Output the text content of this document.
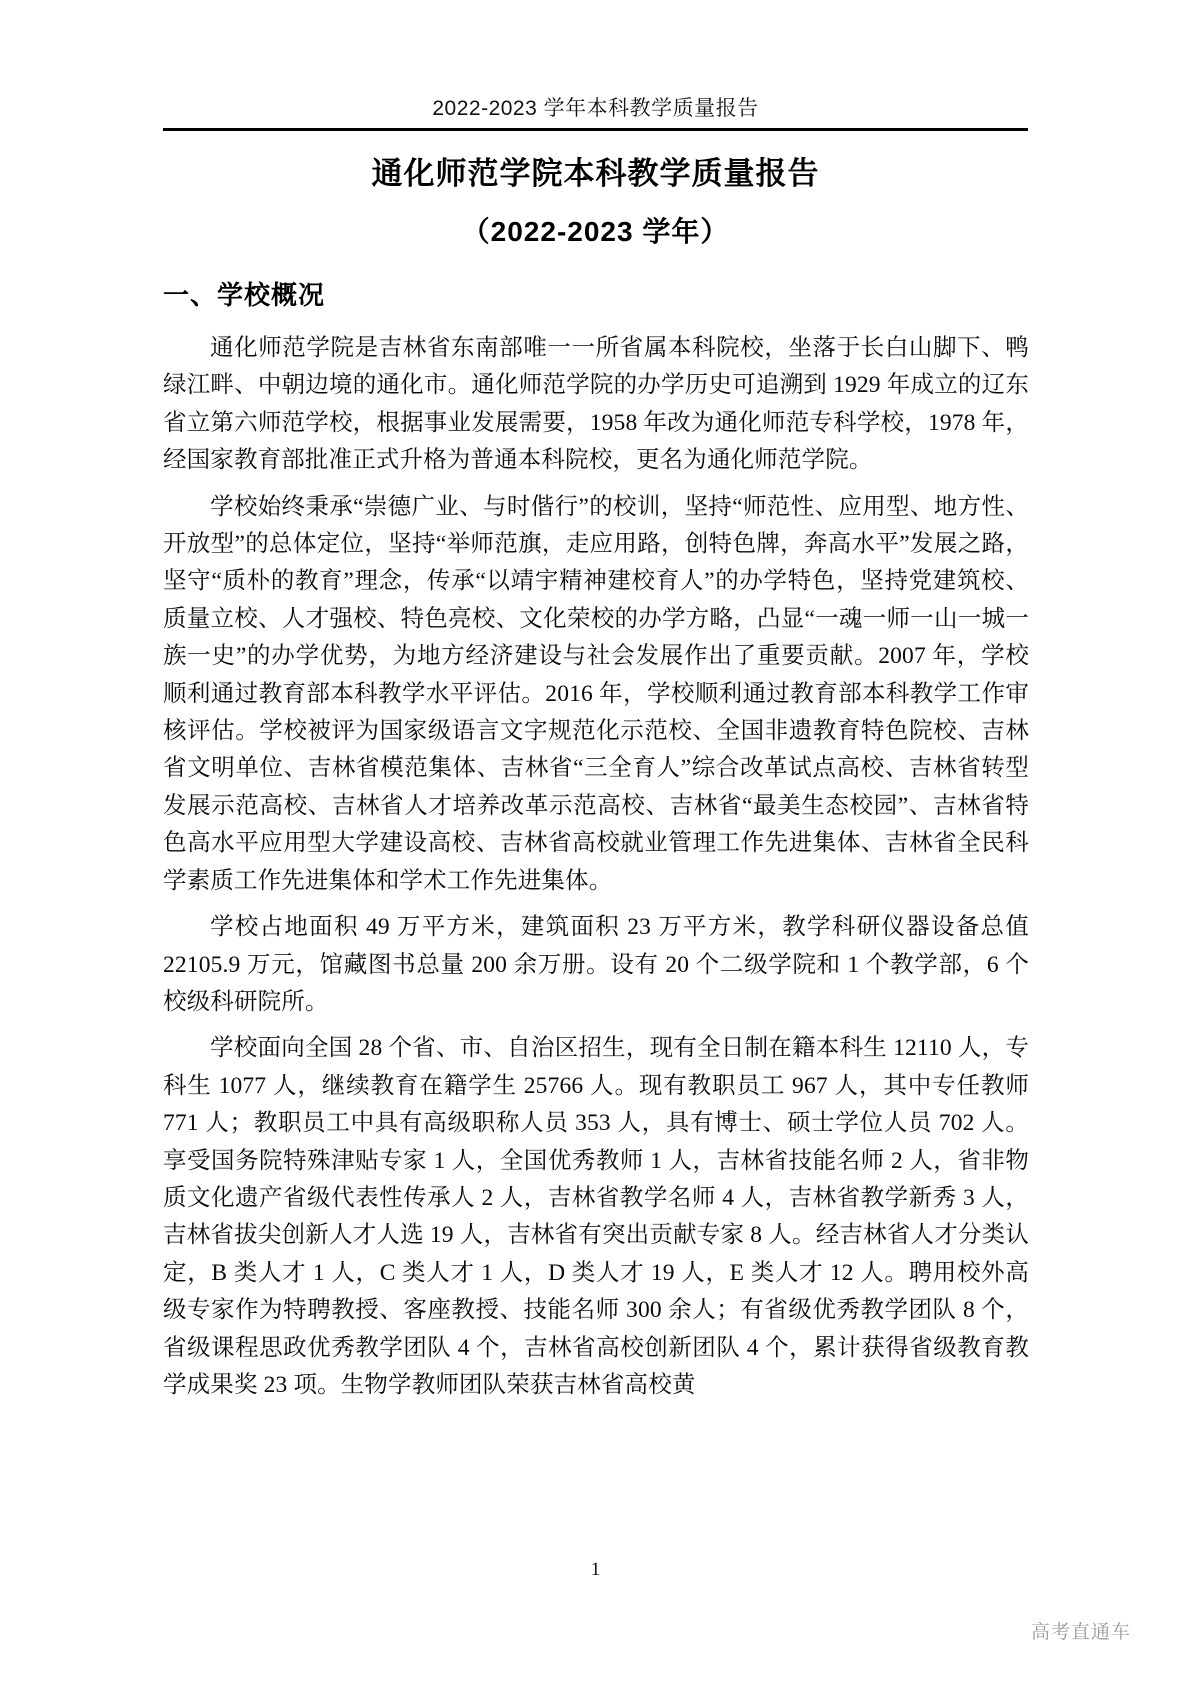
2022-2023 学年本科教学质量报告
通化师范学院本科教学质量报告
（2022-2023 学年）
一、学校概况

通化师范学院是吉林省东南部唯一一所省属本科院校，坐落于长白山脚下、鸭绿江畔、中朝边境的通化市。通化师范学院的办学历史可追溯到 1929 年成立的辽东省立第六师范学校，根据事业发展需要，1958 年改为通化师范专科学校，1978 年，经国家教育部批准正式升格为普通本科院校，更名为通化师范学院。

学校始终秉承“崇德广业、与时偕行”的校训，坚持“师范性、应用型、地方性、开放型”的总体定位，坚持“举师范旗，走应用路，创特色牌，奔高水平”发展之路，坚守“质朴的教育”理念，传承“以靖宇精神建校育人”的办学特色，坚持党建筑校、质量立校、人才强校、特色亮校、文化荣校的办学方略，凸显“一魂一师一山一城一族一史”的办学优势，为地方经济建设与社会发展作出了重要贡献。2007 年，学校顺利通过教育部本科教学水平评估。2016 年，学校顺利通过教育部本科教学工作审核评估。学校被评为国家级语言文字规范化示范校、全国非遗教育特色院校、吉林省文明单位、吉林省模范集体、吉林省“三全育人”综合改革试点高校、吉林省转型发展示范高校、吉林省人才培养改革示范高校、吉林省“最美生态校园”、吉林省特色高水平应用型大学建设高校、吉林省高校就业管理工作先进集体、吉林省全民科学素质工作先进集体和学术工作先进集体。

学校占地面积 49 万平方米，建筑面积 23 万平方米，教学科研仪器设备总值 22105.9 万元，馆藏图书总量 200 余万册。设有 20 个二级学院和 1 个教学部，6 个校级科研院所。

学校面向全国 28 个省、市、自治区招生，现有全日制在籍本科生 12110 人，专科生 1077 人，继续教育在籍学生 25766 人。现有教职员工 967 人，其中专任教师 771 人；教职员工中具有高级职称人员 353 人，具有博士、硕士学位人员 702 人。享受国务院特殊津贴专家 1 人，全国优秀教师 1 人，吉林省技能名师 2 人，省非物质文化遗产省级代表性传承人 2 人，吉林省教学名师 4 人，吉林省教学新秀 3 人，吉林省拔尖创新人才人选 19 人，吉林省有突出贡献专家 8 人。经吉林省人才分类认定，B 类人才 1 人，C 类人才 1 人，D 类人才 19 人，E 类人才 12 人。聘用校外高级专家作为特聘教授、客座教授、技能名师 300 余人；有省级优秀教学团队 8 个，省级课程思政优秀教学团队 4 个，吉林省高校创新团队 4 个，累计获得省级教育教学成果奖 23 项。生物学教师团队荣获吉林省高校黄

1
高考直通车
